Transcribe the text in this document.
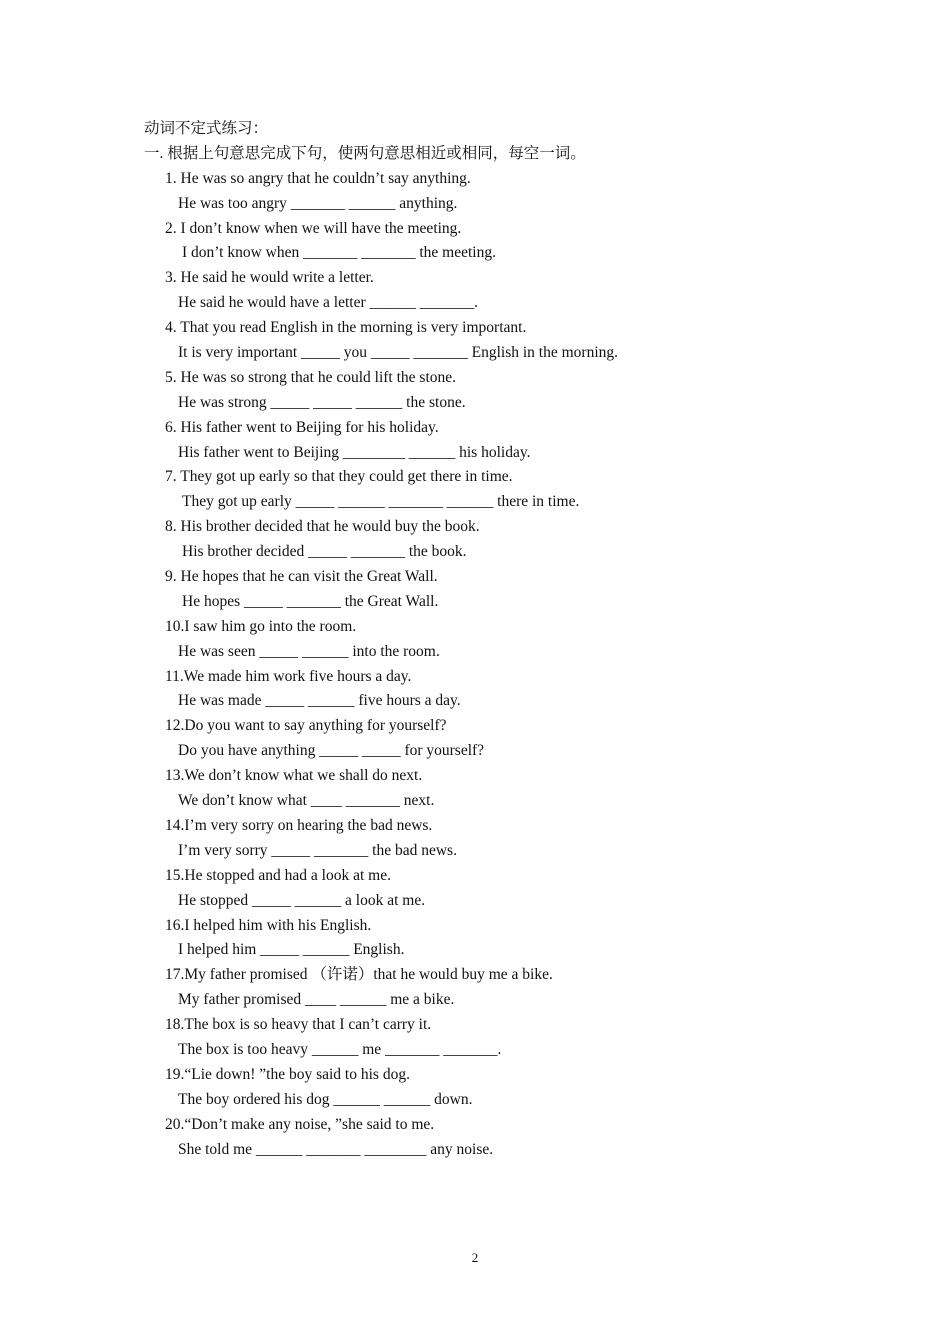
动词不定式练习：
一. 根据上句意思完成下句，使两句意思相近或相同，每空一词。
1. He was so angry that he couldn’t say anything.
He was too angry _______ ______ anything.
2. I don’t know when we will have the meeting.
I don’t know when _______ _______ the meeting.
3. He said he would write a letter.
He said he would have a letter ______ _______.
4. That you read English in the morning is very important.
It is very important _____ you _____ _______ English in the morning.
5. He was so strong that he could lift the stone.
He was strong _____ _____ ______ the stone.
6. His father went to Beijing for his holiday.
His father went to Beijing ________ ______ his holiday.
7. They got up early so that they could get there in time.
They got up early _____ ______ _______ ______ there in time.
8. His brother decided that he would buy the book.
His brother decided _____ _______ the book.
9. He hopes that he can visit the Great Wall.
He hopes _____ _______ the Great Wall.
10.I saw him go into the room.
He was seen _____ ______ into the room.
11.We made him work five hours a day.
He was made _____ ______ five hours a day.
12.Do you want to say anything for yourself?
Do you have anything _____ _____ for yourself?
13.We don’t know what we shall do next.
We don’t know what ____ _______ next.
14.I’m very sorry on hearing the bad news.
I’m very sorry _____ _______ the bad news.
15.He stopped and had a look at me.
He stopped _____ ______ a look at me.
16.I helped him with his English.
I helped him _____ ______ English.
17.My father promised （许诺）that he would buy me a bike.
My father promised ____ ______ me a bike.
18.The box is so heavy that I can’t carry it.
The box is too heavy ______ me _______ _______.
19.“Lie down! ”the boy said to his dog.
The boy ordered his dog ______ ______ down.
20.“Don’t make any noise, ”she said to me.
She told me ______ _______ ________ any noise.
2
